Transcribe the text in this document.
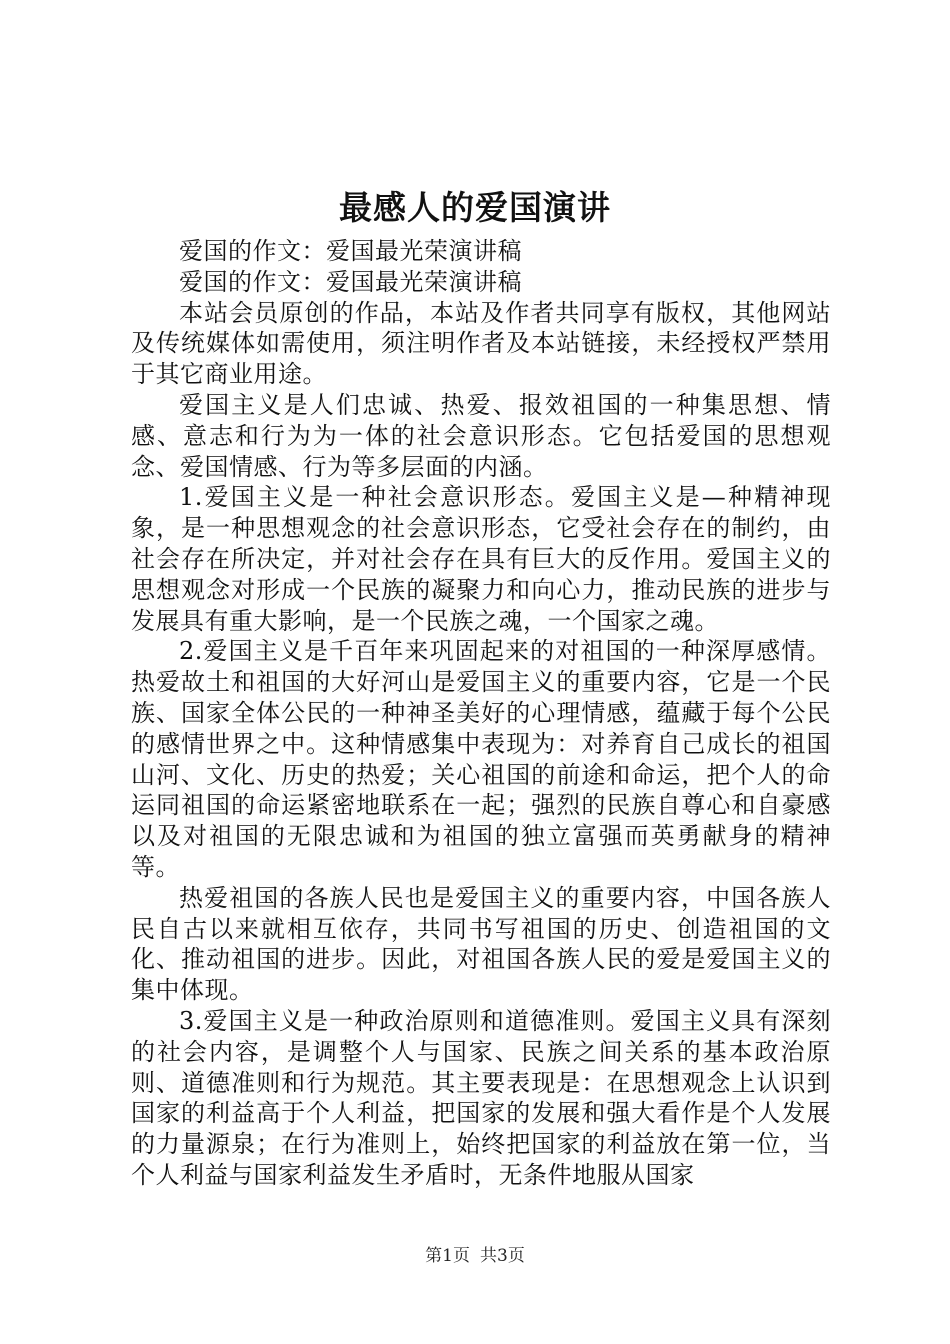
最感人的爱国演讲

爱国的作文：爱国最光荣演讲稿

爱国的作文：爱国最光荣演讲稿

本站会员原创的作品，本站及作者共同享有版权，其他网站及传统媒体如需使用，须注明作者及本站链接，未经授权严禁用于其它商业用途。

爱国主义是人们忠诚、热爱、报效祖国的一种集思想、情感、意志和行为为一体的社会意识形态。它包括爱国的思想观念、爱国情感、行为等多层面的内涵。

1.爱国主义是一种社会意识形态。爱国主义是—种精神现象，是一种思想观念的社会意识形态，它受社会存在的制约，由社会存在所决定，并对社会存在具有巨大的反作用。爱国主义的思想观念对形成一个民族的凝聚力和向心力，推动民族的进步与发展具有重大影响，是一个民族之魂，一个国家之魂。

2.爱国主义是千百年来巩固起来的对祖国的一种深厚感情。热爱故土和祖国的大好河山是爱国主义的重要内容，它是一个民族、国家全体公民的一种神圣美好的心理情感，蕴藏于每个公民的感情世界之中。这种情感集中表现为：对养育自己成长的祖国山河、文化、历史的热爱；关心祖国的前途和命运，把个人的命运同祖国的命运紧密地联系在一起；强烈的民族自尊心和自豪感以及对祖国的无限忠诚和为祖国的独立富强而英勇献身的精神等。

热爱祖国的各族人民也是爱国主义的重要内容，中国各族人民自古以来就相互依存，共同书写祖国的历史、创造祖国的文化、推动祖国的进步。因此，对祖国各族人民的爱是爱国主义的集中体现。

3.爱国主义是一种政治原则和道德准则。爱国主义具有深刻的社会内容，是调整个人与国家、民族之间关系的基本政治原则、道德准则和行为规范。其主要表现是：在思想观念上认识到国家的利益高于个人利益，把国家的发展和强大看作是个人发展的力量源泉；在行为准则上，始终把国家的利益放在第一位，当个人利益与国家利益发生矛盾时，无条件地服从国家

第1页 共3页
